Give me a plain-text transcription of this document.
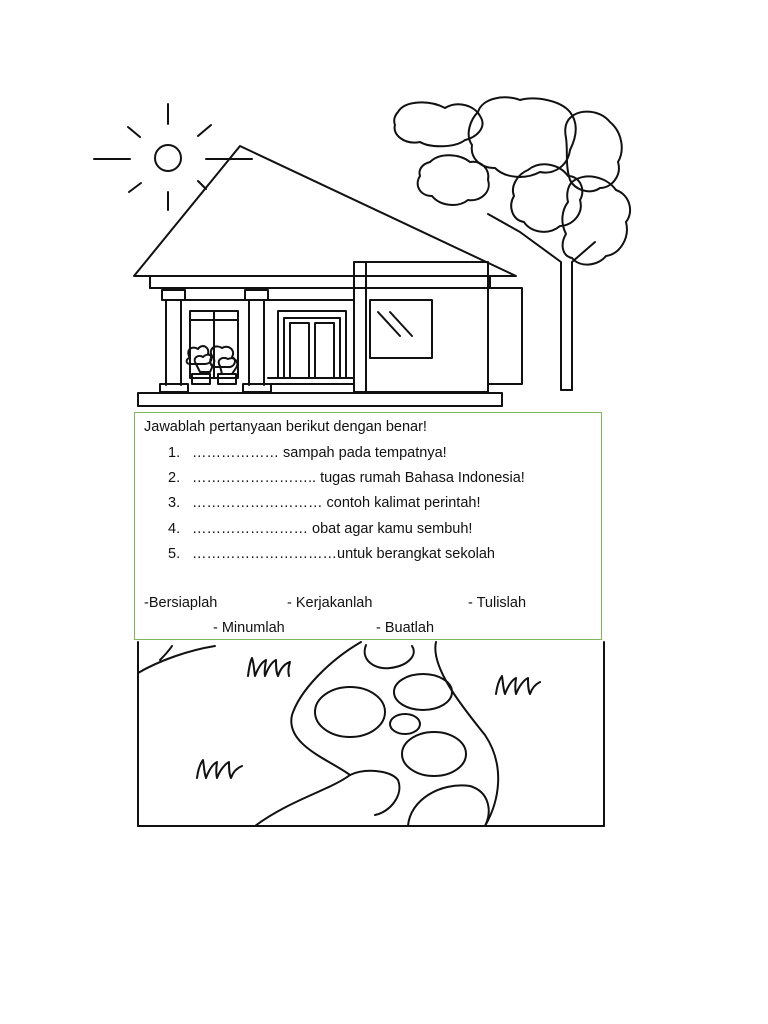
Jawablah pertanyaan berikut dengan benar!
1. ……………… sampah pada tempatnya!
2. …………………….. tugas rumah Bahasa Indonesia!
3. ……………………… contoh kalimat perintah!
4. …………………… obat agar kamu sembuh!
5. …………………………untuk berangkat sekolah
-Bersiaplah	- Kerjakanlah	- Tulislah
- Minumlah	- Buatlah
